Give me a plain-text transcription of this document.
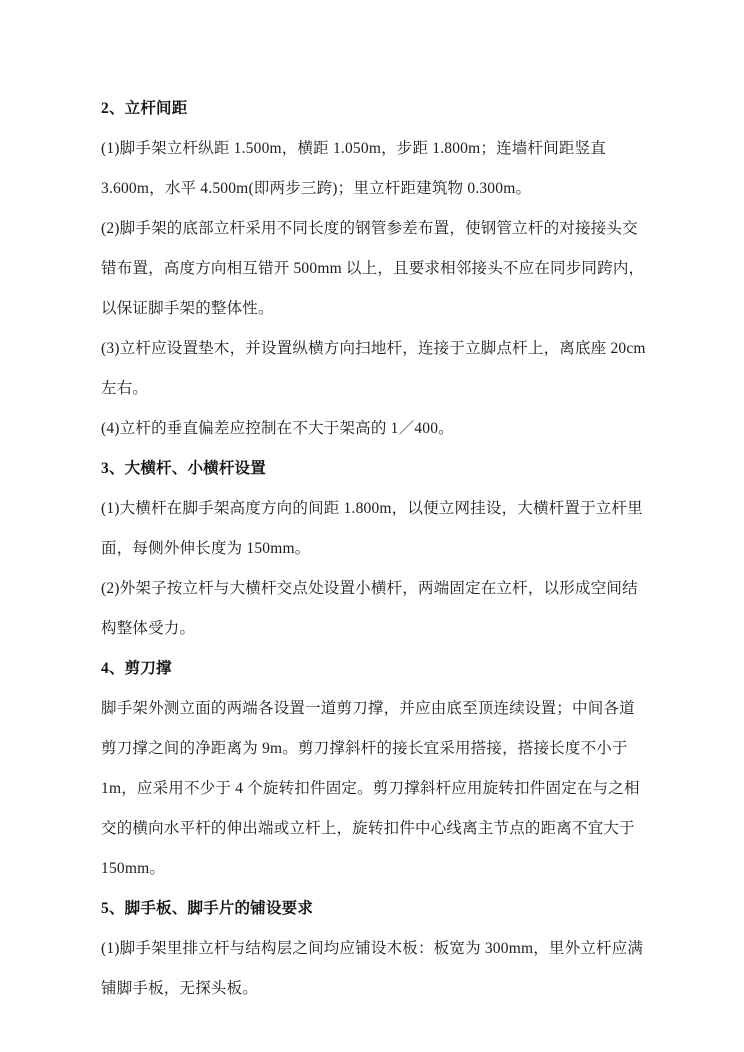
2、立杆间距

(1)脚手架立杆纵距 1.500m，横距 1.050m，步距 1.800m；连墙杆间距竖直3.600m，水平 4.500m(即两步三跨)；里立杆距建筑物 0.300m。

(2)脚手架的底部立杆采用不同长度的钢管参差布置，使钢管立杆的对接接头交错布置，高度方向相互错开 500mm 以上，且要求相邻接头不应在同步同跨内，以保证脚手架的整体性。

(3)立杆应设置垫木，并设置纵横方向扫地杆，连接于立脚点杆上，离底座 20cm左右。

(4)立杆的垂直偏差应控制在不大于架高的 1／400。

3、大横杆、小横杆设置

(1)大横杆在脚手架高度方向的间距 1.800m，以便立网挂设，大横杆置于立杆里面，每侧外伸长度为 150mm。

(2)外架子按立杆与大横杆交点处设置小横杆，两端固定在立杆，以形成空间结构整体受力。

4、剪刀撑

脚手架外测立面的两端各设置一道剪刀撑，并应由底至顶连续设置；中间各道剪刀撑之间的净距离为 9m。剪刀撑斜杆的接长宜采用搭接，搭接长度不小于 1m，应采用不少于 4 个旋转扣件固定。剪刀撑斜杆应用旋转扣件固定在与之相交的横向水平杆的伸出端或立杆上，旋转扣件中心线离主节点的距离不宜大于 150mm。

5、脚手板、脚手片的铺设要求

(1)脚手架里排立杆与结构层之间均应铺设木板：板宽为 300mm，里外立杆应满铺脚手板，无探头板。
